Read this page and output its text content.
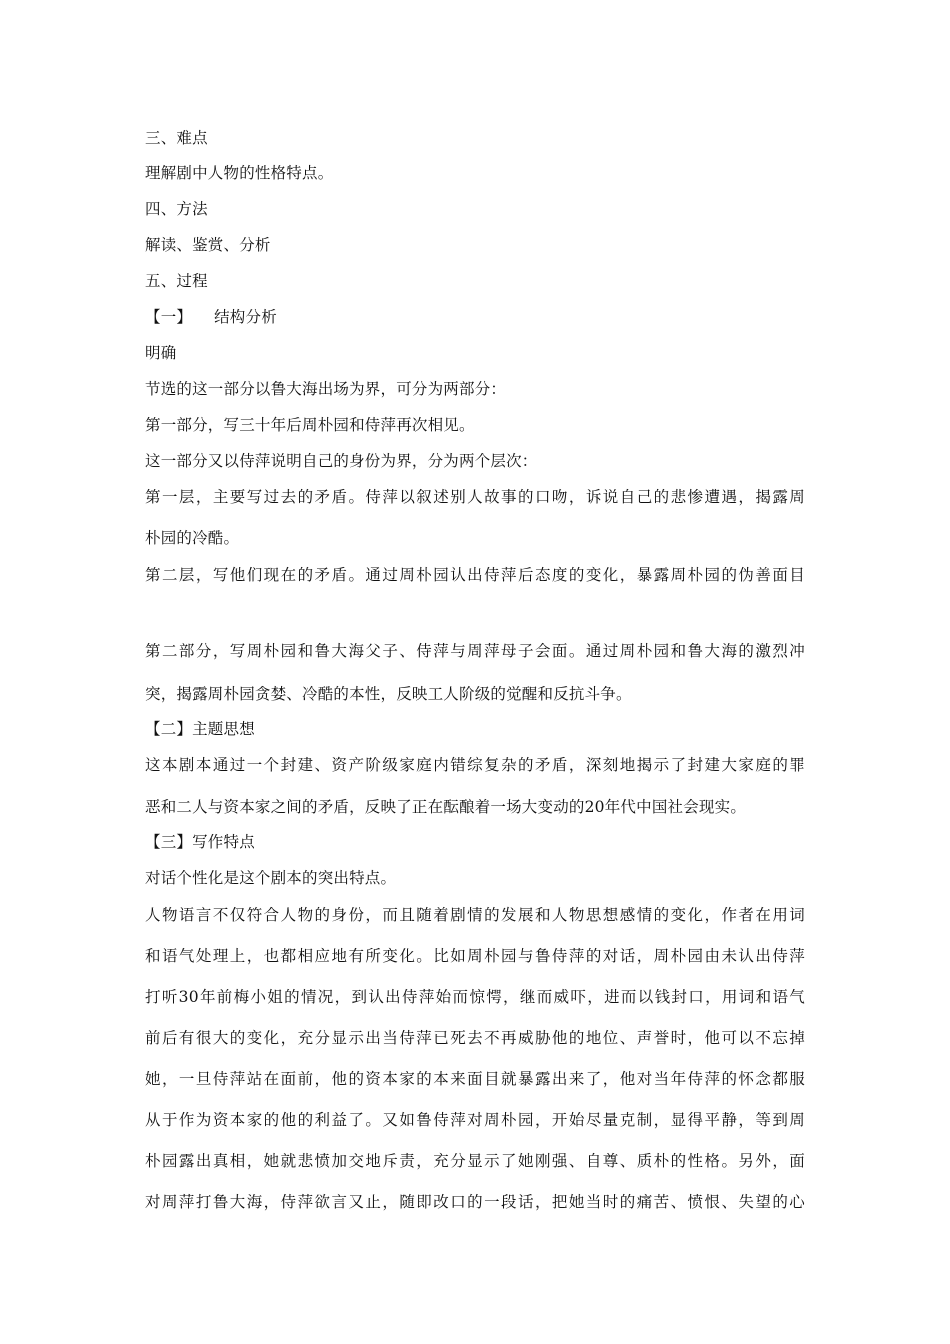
三、难点
理解剧中人物的性格特点。
四、方法
解读、鉴赏、分析
五、过程
【一】 结构分析
明确
节选的这一部分以鲁大海出场为界，可分为两部分：
第一部分，写三十年后周朴园和侍萍再次相见。
这一部分又以侍萍说明自己的身份为界，分为两个层次：
第一层，主要写过去的矛盾。侍萍以叙述别人故事的口吻，诉说自己的悲惨遭遇，揭露周
朴园的冷酷。
第二层，写他们现在的矛盾。通过周朴园认出侍萍后态度的变化，暴露周朴园的伪善面目
第二部分，写周朴园和鲁大海父子、侍萍与周萍母子会面。通过周朴园和鲁大海的激烈冲
突，揭露周朴园贪婪、冷酷的本性，反映工人阶级的觉醒和反抗斗争。
【二】主题思想
这本剧本通过一个封建、资产阶级家庭内错综复杂的矛盾，深刻地揭示了封建大家庭的罪
恶和二人与资本家之间的矛盾，反映了正在酝酿着一场大变动的20年代中国社会现实。
【三】写作特点
对话个性化是这个剧本的突出特点。
人物语言不仅符合人物的身份，而且随着剧情的发展和人物思想感情的变化，作者在用词
和语气处理上，也都相应地有所变化。比如周朴园与鲁侍萍的对话，周朴园由未认出侍萍
打听30年前梅小姐的情况，到认出侍萍始而惊愕，继而威吓，进而以钱封口，用词和语气
前后有很大的变化，充分显示出当侍萍已死去不再威胁他的地位、声誉时，他可以不忘掉
她，一旦侍萍站在面前，他的资本家的本来面目就暴露出来了，他对当年侍萍的怀念都服
从于作为资本家的他的利益了。又如鲁侍萍对周朴园，开始尽量克制，显得平静，等到周
朴园露出真相，她就悲愤加交地斥责，充分显示了她刚强、自尊、质朴的性格。另外，面
对周萍打鲁大海，侍萍欲言又止，随即改口的一段话，把她当时的痛苦、愤恨、失望的心
